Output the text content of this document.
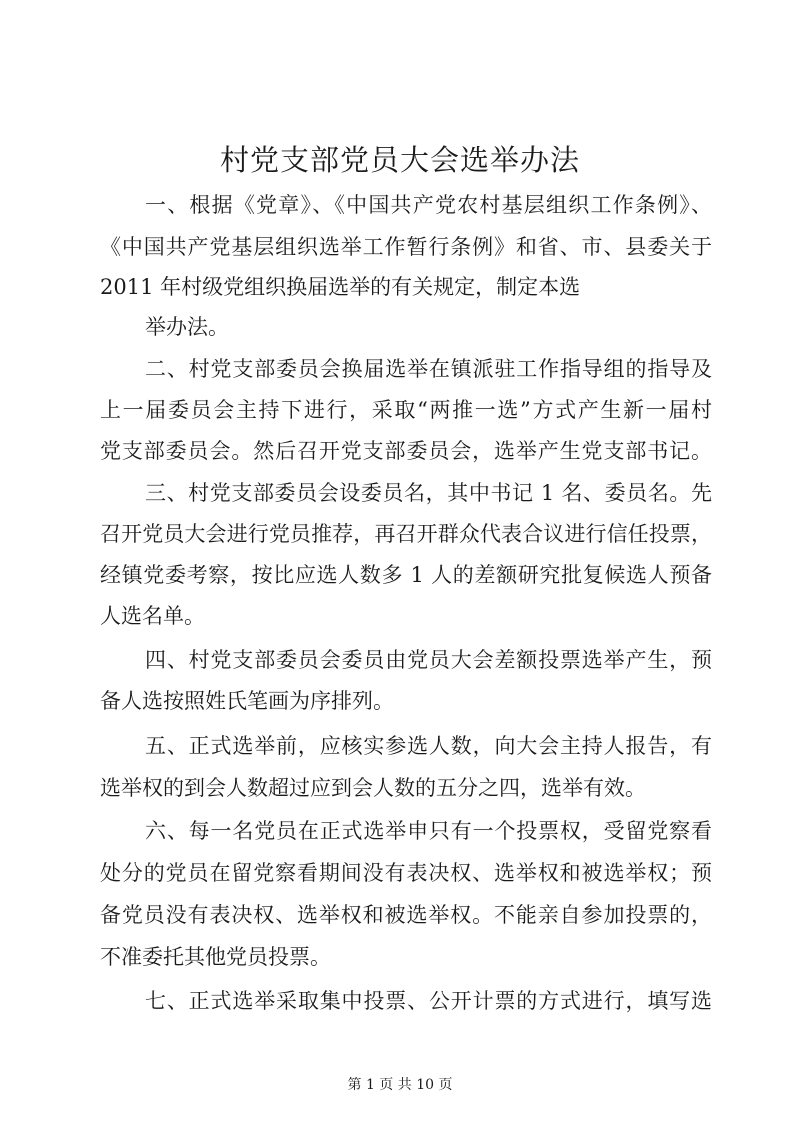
村党支部党员大会选举办法
一、根据《党章》、《中国共产党农村基层组织工作条例》、
《中国共产党基层组织选举工作暂行条例》和省、市、县委关于
2011 年村级党组织换届选举的有关规定，制定本选
举办法。
二、村党支部委员会换届选举在镇派驻工作指导组的指导及
上一届委员会主持下进行，采取“两推一选”方式产生新一届村
党支部委员会。然后召开党支部委员会，选举产生党支部书记。
三、村党支部委员会设委员名，其中书记 1 名、委员名。先
召开党员大会进行党员推荐，再召开群众代表合议进行信任投票，
经镇党委考察，按比应选人数多 1 人的差额研究批复候选人预备
人选名单。
四、村党支部委员会委员由党员大会差额投票选举产生，预
备人选按照姓氏笔画为序排列。
五、正式选举前，应核实参选人数，向大会主持人报告，有
选举权的到会人数超过应到会人数的五分之四，选举有效。
六、每一名党员在正式选举申只有一个投票权，受留党察看
处分的党员在留党察看期间没有表决权、选举权和被选举权；预
备党员没有表决权、选举权和被选举权。不能亲自参加投票的，
不准委托其他党员投票。
七、正式选举采取集中投票、公开计票的方式进行，填写选
第 1 页 共 10 页
